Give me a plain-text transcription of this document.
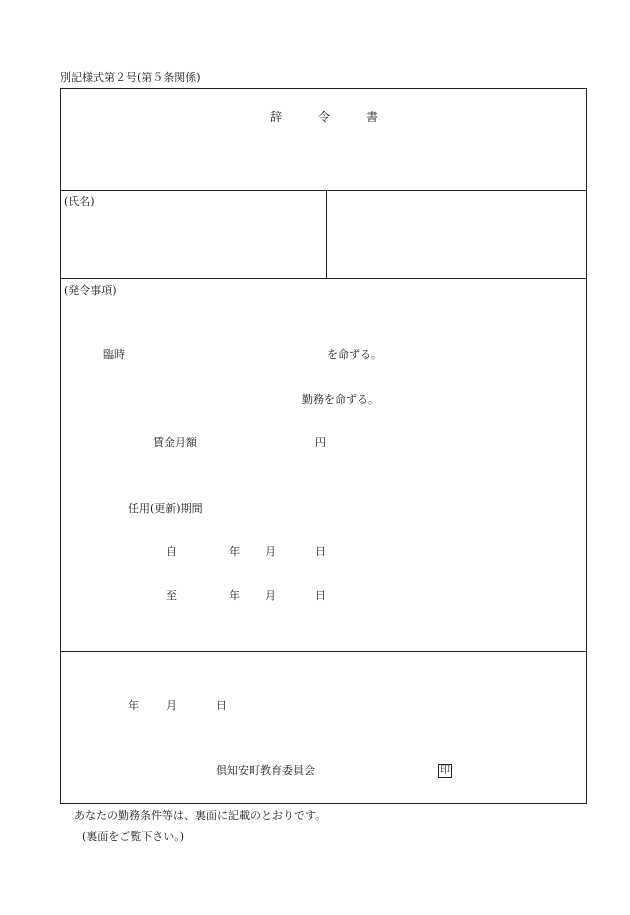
別記様式第２号(第５条関係)
辞	令	書
(氏名)
(発令事項)
臨時	を命ずる。
勤務を命ずる。
賃金月額	円
任用(更新)期間
自	年 月	日
至	年 月	日
年 月	日
倶知安町教育委員会	印
あなたの勤務条件等は、裏面に記載のとおりです。
(裏面をご覧下さい。)
